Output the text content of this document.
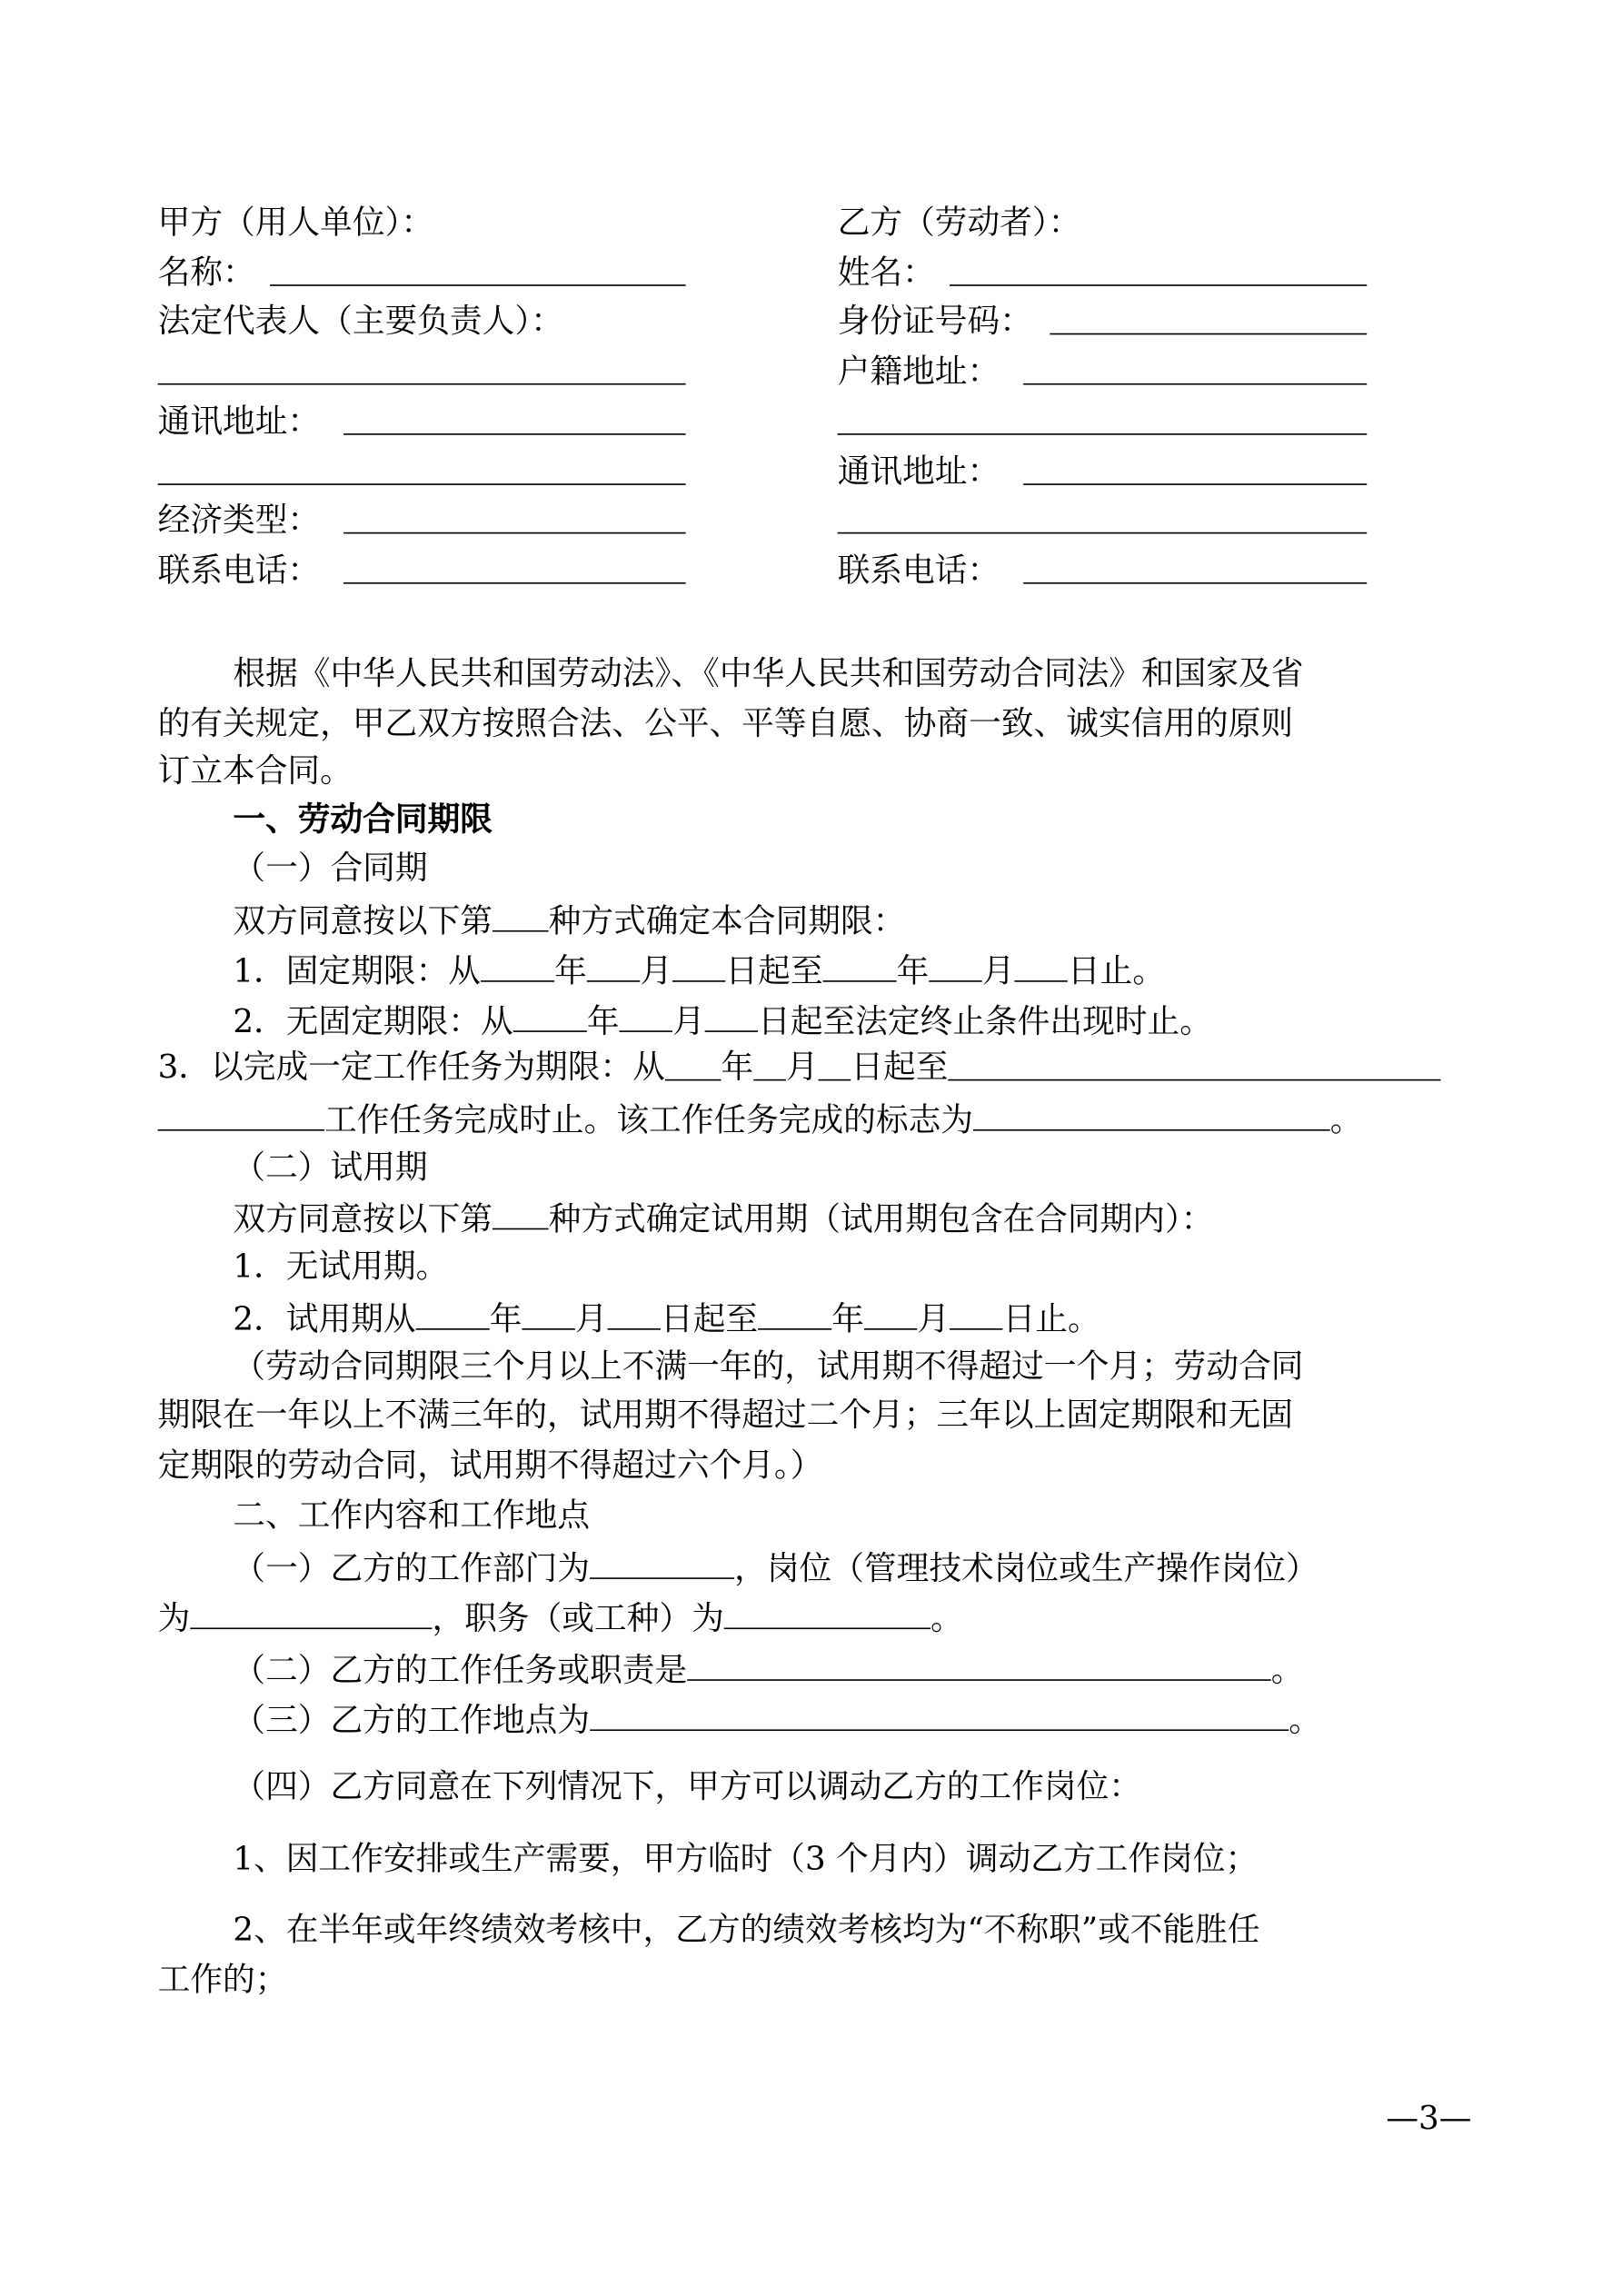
甲方（用人单位）：
名称：
法定代表人（主要负责人）：
通讯地址：
经济类型：
联系电话：
乙方（劳动者）：
姓名：
身份证号码：
户籍地址：
通讯地址：
联系电话：
根据《中华人民共和国劳动法》、《中华人民共和国劳动合同法》和国家及省
的有关规定，甲乙双方按照合法、公平、平等自愿、协商一致、诚实信用的原则
订立本合同。
一、劳动合同期限
（一）合同期
双方同意按以下第	种方式确定本合同期限：
1．固定期限：从	年	月	日起至	年	月	日止。
2．无固定期限：从	年	月	日起至法定终止条件出现时止。
3．以完成一定工作任务为期限：从	年 月 日起至
工作任务完成时止。该工作任务完成的标志为	。
（二）试用期
双方同意按以下第	种方式确定试用期（试用期包含在合同期内）：
1．无试用期。
2．试用期从	年	月	日起至	年	月	日止。
（劳动合同期限三个月以上不满一年的，试用期不得超过一个月；劳动合同
期限在一年以上不满三年的，试用期不得超过二个月；三年以上固定期限和无固
定期限的劳动合同，试用期不得超过六个月。）
二、工作内容和工作地点
（一）乙方的工作部门为	，岗位（管理技术岗位或生产操作岗位）
为	，职务（或工种）为	。
（二）乙方的工作任务或职责是	。
（三）乙方的工作地点为	。
（四）乙方同意在下列情况下，甲方可以调动乙方的工作岗位：
1、因工作安排或生产需要，甲方临时（3 个月内）调动乙方工作岗位；
2、在半年或年终绩效考核中，乙方的绩效考核均为“不称职”或不能胜任
工作的；
—3—
